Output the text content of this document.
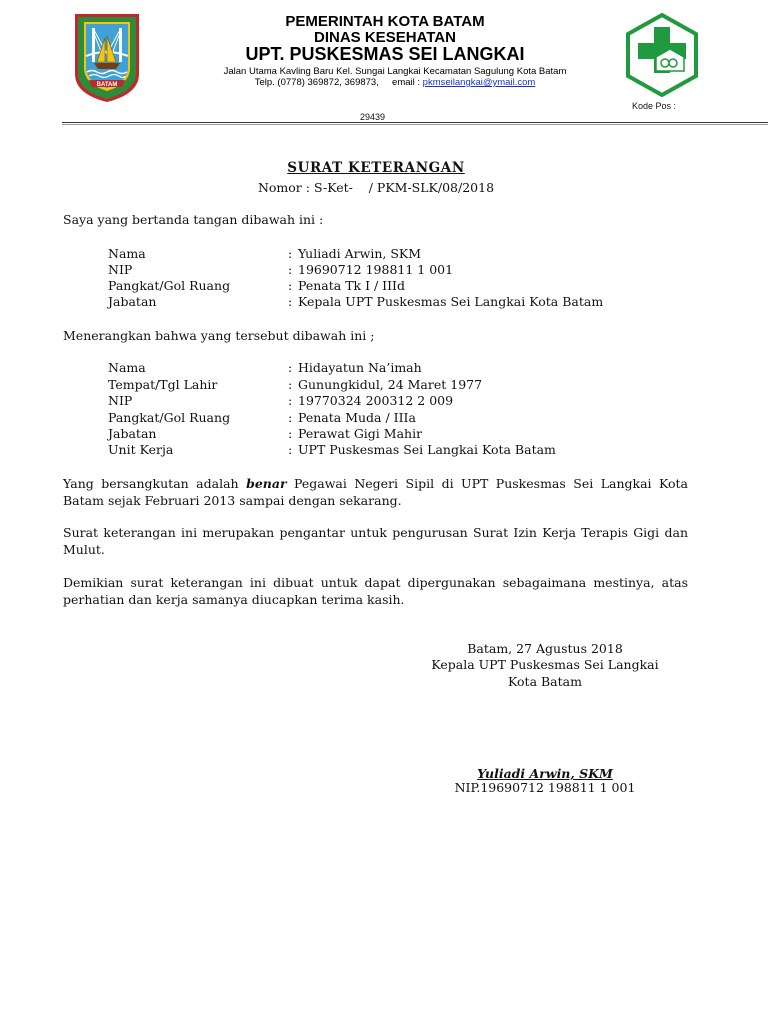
BATAM
PEMERINTAH KOTA BATAM
DINAS KESEHATAN
UPT. PUSKESMAS SEI LANGKAI
Jalan Utama Kavling Baru Kel. Sungai Langkai Kecamatan Sagulung Kota Batam
Telp. (0778) 369872, 369873,     email : pkmseilangkai@ymail.com
Kode Pos :
29439
SURAT KETERANGAN
Nomor : S-Ket-    / PKM-SLK/08/2018
Saya yang bertanda tangan dibawah ini :
Nama	: Yuliadi Arwin, SKM
NIP	: 19690712 198811 1 001
Pangkat/Gol Ruang	: Penata Tk I / IIId
Jabatan	: Kepala UPT Puskesmas Sei Langkai Kota Batam
Menerangkan bahwa yang tersebut dibawah ini ;
Nama	: Hidayatun Na’imah
Tempat/Tgl Lahir	: Gunungkidul, 24 Maret 1977
NIP	: 19770324 200312 2 009
Pangkat/Gol Ruang	: Penata Muda / IIIa
Jabatan	: Perawat Gigi Mahir
Unit Kerja	: UPT Puskesmas Sei Langkai Kota Batam
Yang bersangkutan adalah benar Pegawai Negeri Sipil di UPT Puskesmas Sei Langkai Kota Batam sejak Februari 2013 sampai dengan sekarang.
Surat keterangan ini merupakan pengantar untuk pengurusan Surat Izin Kerja Terapis Gigi dan Mulut.
Demikian surat keterangan ini dibuat untuk dapat dipergunakan sebagaimana mestinya, atas perhatian dan kerja samanya diucapkan terima kasih.
Batam, 27 Agustus 2018
Kepala UPT Puskesmas Sei Langkai
Kota Batam
Yuliadi Arwin, SKM
NIP.19690712 198811 1 001
